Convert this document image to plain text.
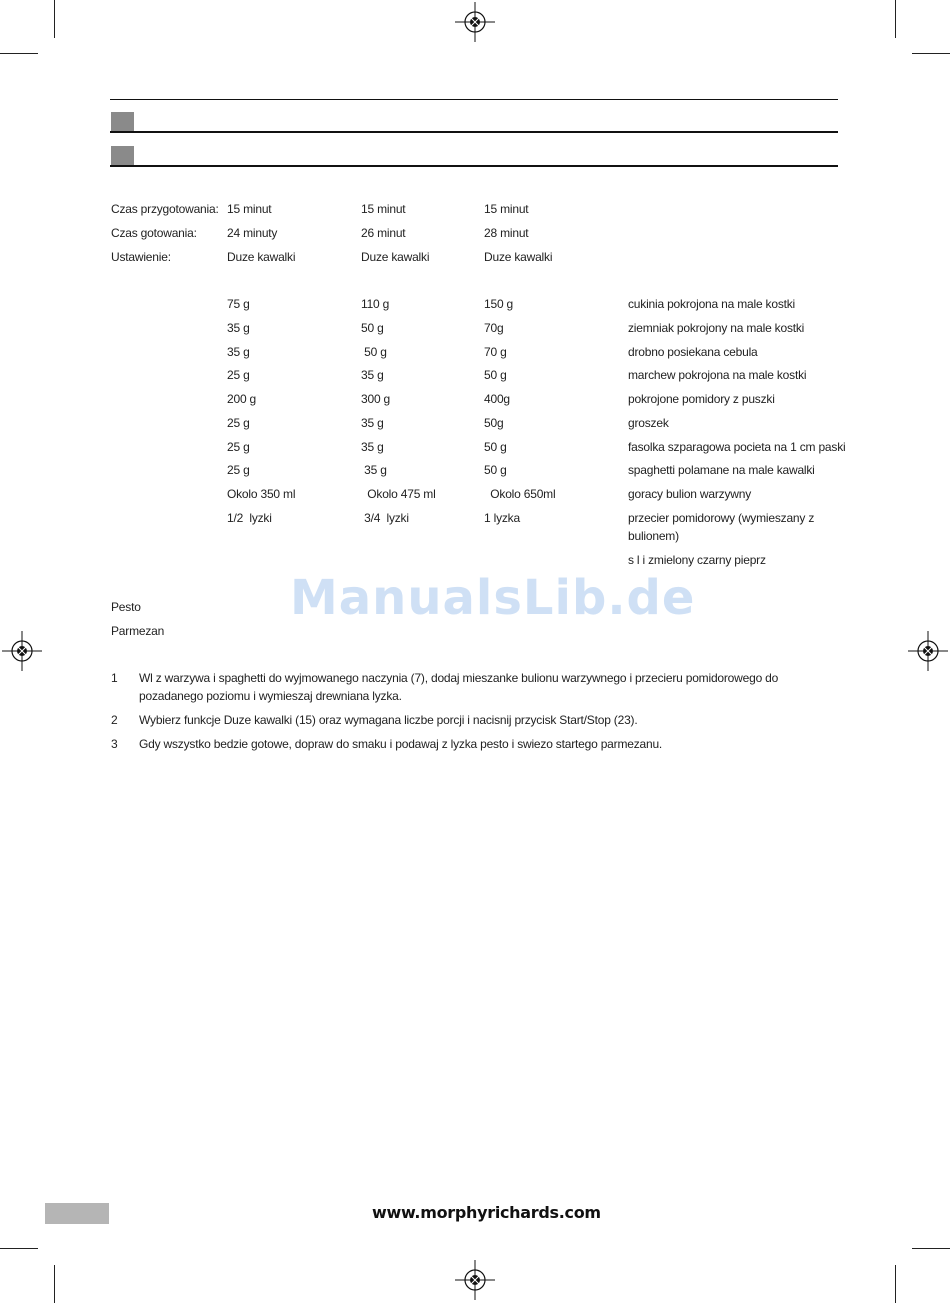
Czas przygotowania: 15 minut	15 minut	15 minut
Czas gotowania:	24 minuty	26 minut	28 minut
Ustawienie:	Duze kawalki	Duze kawalki	Duze kawalki
75 g	110 g	150 g	cukinia pokrojona na male kostki
35 g	50 g	70g	ziemniak pokrojony na male kostki
35 g	50 g	70 g	drobno posiekana cebula
25 g	35 g	50 g	marchew pokrojona na male kostki
200 g	300 g	400g	pokrojone pomidory z puszki
25 g	35 g	50g	groszek
25 g	35 g	50 g	fasolka szparagowa pocieta na 1 cm paski
25 g	35 g	50 g	spaghetti polamane na male kawalki
Okolo 350 ml	Okolo 475 ml	Okolo 650ml	goracy bulion warzywny
1/2  lyzki	3/4  lyzki	1 lyzka	przecier pomidorowy (wymieszany z bulionem)
s l i zmielony czarny pieprz
ManualsLib.de
Pesto
Parmezan
1 Wl z warzywa i spaghetti do wyjmowanego naczynia (7), dodaj mieszanke bulionu warzywnego i przecieru pomidorowego do pozadanego poziomu i wymieszaj drewniana lyzka.
2 Wybierz funkcje Duze kawalki (15) oraz wymagana liczbe porcji i nacisnij przycisk Start/Stop (23).
3 Gdy wszystko bedzie gotowe, dopraw do smaku i podawaj z lyzka pesto i swiezo startego parmezanu.
www.morphyrichards.com
